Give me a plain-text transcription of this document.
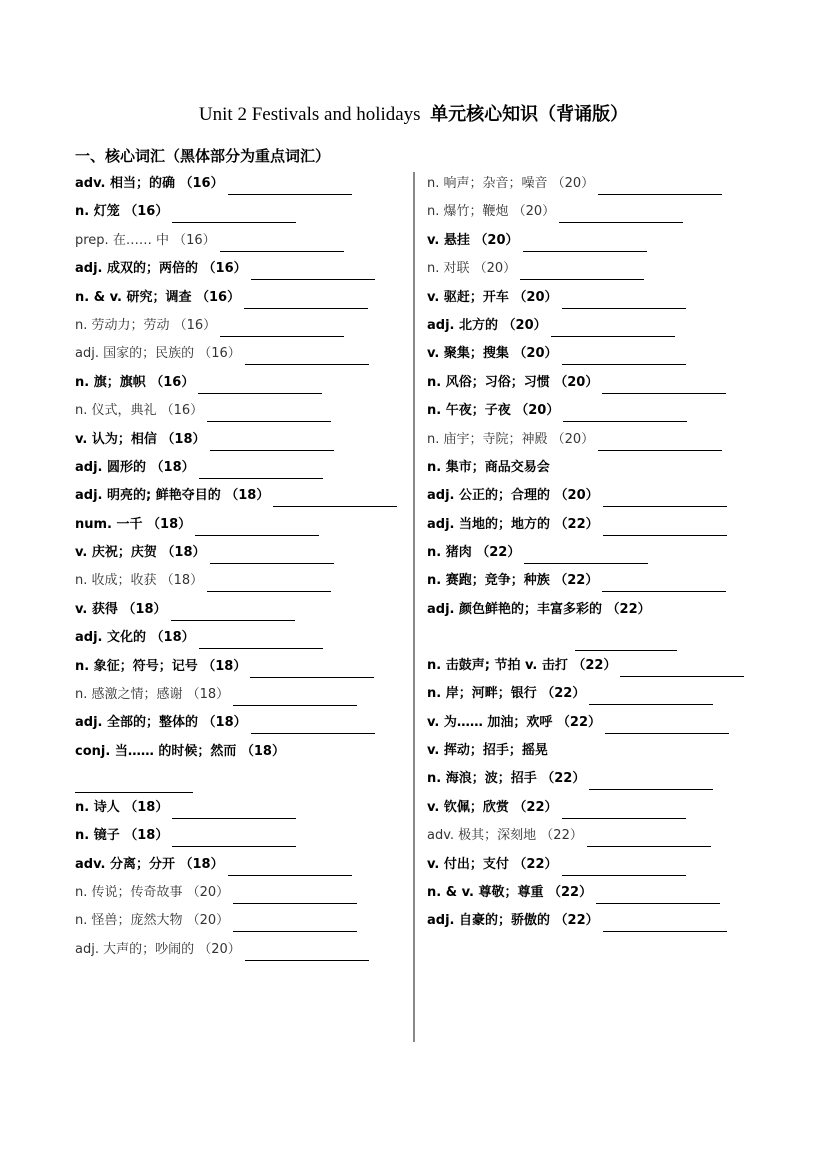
Unit 2 Festivals and holidays 单元核心知识（背诵版）
一、核心词汇（黑体部分为重点词汇）
adv. 相当；的确 （16）
n. 灯笼 （16）
prep. 在…… 中 （16）
adj. 成双的；两倍的 （16）
n. & v. 研究；调查 （16）
n. 劳动力；劳动 （16）
adj. 国家的；民族的 （16）
n. 旗；旗帜 （16）
n. 仪式，典礼 （16）
v. 认为；相信 （18）
adj. 圆形的 （18）
adj. 明亮的; 鲜艳夺目的 （18）
num. 一千 （18）
v. 庆祝；庆贺 （18）
n. 收成；收获 （18）
v. 获得 （18）
adj. 文化的 （18）
n. 象征；符号；记号 （18）
n. 感激之情；感谢 （18）
adj. 全部的；整体的 （18）
conj. 当…… 的时候；然而 （18）
n. 诗人 （18）
n. 镜子 （18）
adv. 分离；分开 （18）
n. 传说；传奇故事 （20）
n. 怪兽；庞然大物 （20）
adj. 大声的；吵闹的 （20）
n. 响声；杂音；噪音 （20）
n. 爆竹；鞭炮 （20）
v. 悬挂 （20）
n. 对联 （20）
v. 驱赶；开车 （20）
adj. 北方的 （20）
v. 聚集；搜集 （20）
n. 风俗；习俗；习惯 （20）
n. 午夜；子夜 （20）
n. 庙宇；寺院；神殿 （20）
n. 集市；商品交易会
adj. 公正的；合理的 （20）
adj. 当地的；地方的 （22）
n. 猪肉 （22）
n. 赛跑；竞争；种族 （22）
adj. 颜色鲜艳的；丰富多彩的 （22）
n. 击鼓声; 节拍 v. 击打 （22）
n. 岸；河畔；银行 （22）
v. 为…… 加油；欢呼 （22）
v. 挥动；招手；摇晃
n. 海浪；波；招手 （22）
v. 钦佩；欣赏 （22）
adv. 极其；深刻地 （22）
v. 付出；支付 （22）
n. & v. 尊敬；尊重 （22）
adj. 自豪的；骄傲的 （22）
